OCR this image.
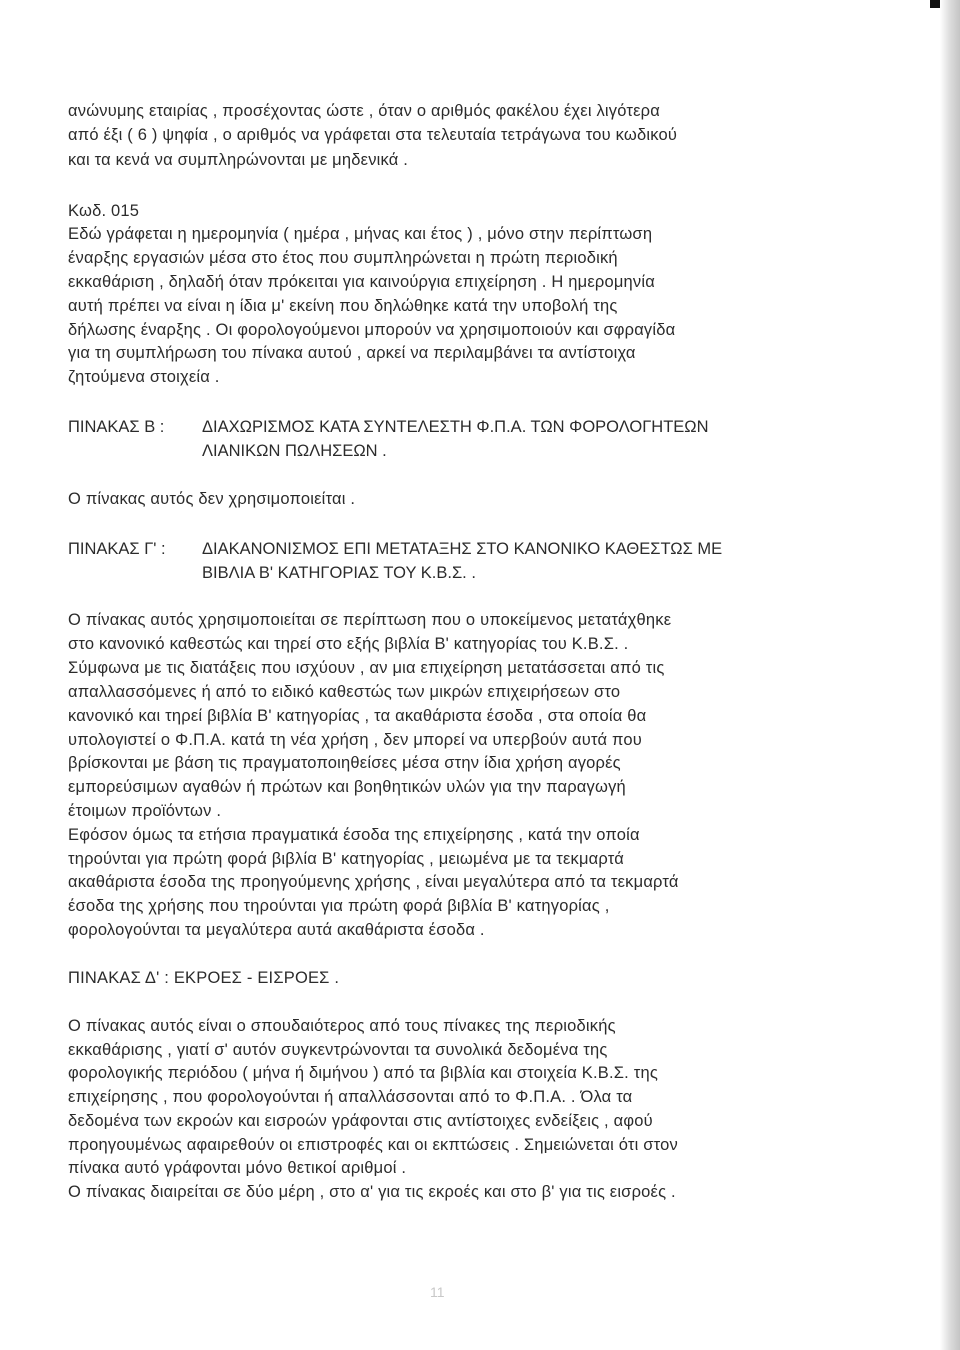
ανώνυμης εταιρίας , προσέχοντας ώστε , όταν ο αριθμός φακέλου έχει λιγότερα
από έξι ( 6 ) ψηφία , ο αριθμός να γράφεται στα τελευταία τετράγωνα του κωδικού
και τα κενά να συμπληρώνονται με μηδενικά .
Κωδ. 015
Εδώ γράφεται η ημερομηνία ( ημέρα , μήνας και έτος ) , μόνο στην περίπτωση
έναρξης εργασιών μέσα στο έτος που συμπληρώνεται η πρώτη περιοδική
εκκαθάριση , δηλαδή όταν πρόκειται για καινούργια επιχείρηση . Η ημερομηνία
αυτή πρέπει να είναι η ίδια μ' εκείνη που δηλώθηκε κατά την υποβολή της
δήλωσης έναρξης . Οι φορολογούμενοι μπορούν να χρησιμοποιούν και σφραγίδα
για τη συμπλήρωση του πίνακα αυτού , αρκεί να περιλαμβάνει τα αντίστοιχα
ζητούμενα στοιχεία .
ΠΙΝΑΚΑΣ Β : ΔΙΑΧΩΡΙΣΜΟΣ ΚΑΤΑ ΣΥΝΤΕΛΕΣΤΗ Φ.Π.Α. ΤΩΝ ΦΟΡΟΛΟΓΗΤΕΩΝ
ΛΙΑΝΙΚΩΝ ΠΩΛΗΣΕΩΝ .
Ο πίνακας αυτός δεν χρησιμοποιείται .
ΠΙΝΑΚΑΣ Γ' : ΔΙΑΚΑΝΟΝΙΣΜΟΣ ΕΠΙ ΜΕΤΑΤΑΞΗΣ ΣΤΟ ΚΑΝΟΝΙΚΟ ΚΑΘΕΣΤΩΣ ΜΕ
ΒΙΒΛΙΑ Β' ΚΑΤΗΓΟΡΙΑΣ ΤΟΥ Κ.Β.Σ. .
Ο πίνακας αυτός χρησιμοποιείται σε περίπτωση που ο υποκείμενος μετατάχθηκε
στο κανονικό καθεστώς και τηρεί στο εξής βιβλία Β' κατηγορίας του Κ.Β.Σ. .
Σύμφωνα με τις διατάξεις που ισχύουν , αν μια επιχείρηση μετατάσσεται από τις
απαλλασσόμενες ή από το ειδικό καθεστώς των μικρών επιχειρήσεων στο
κανονικό και τηρεί βιβλία Β' κατηγορίας , τα ακαθάριστα έσοδα , στα οποία θα
υπολογιστεί ο Φ.Π.Α. κατά τη νέα χρήση , δεν μπορεί να υπερβούν αυτά που
βρίσκονται με βάση τις πραγματοποιηθείσες μέσα στην ίδια χρήση αγορές
εμπορεύσιμων αγαθών ή πρώτων και βοηθητικών υλών για την παραγωγή
έτοιμων προϊόντων .
Εφόσον όμως τα ετήσια πραγματικά έσοδα της επιχείρησης , κατά την οποία
τηρούνται για πρώτη φορά βιβλία Β' κατηγορίας , μειωμένα με τα τεκμαρτά
ακαθάριστα έσοδα της προηγούμενης χρήσης , είναι μεγαλύτερα από τα τεκμαρτά
έσοδα της χρήσης που τηρούνται για πρώτη φορά βιβλία Β' κατηγορίας ,
φορολογούνται τα μεγαλύτερα αυτά ακαθάριστα έσοδα .
ΠΙΝΑΚΑΣ Δ' : ΕΚΡΟΕΣ - ΕΙΣΡΟΕΣ .
Ο πίνακας αυτός είναι ο σπουδαιότερος από τους πίνακες της περιοδικής
εκκαθάρισης , γιατί σ' αυτόν συγκεντρώνονται τα συνολικά δεδομένα της
φορολογικής περιόδου ( μήνα ή διμήνου ) από τα βιβλία και στοιχεία Κ.Β.Σ. της
επιχείρησης , που φορολογούνται ή απαλλάσσονται από το Φ.Π.Α. . Όλα τα
δεδομένα των εκροών και εισροών γράφονται στις αντίστοιχες ενδείξεις , αφού
προηγουμένως αφαιρεθούν οι επιστροφές και οι εκπτώσεις . Σημειώνεται ότι στον
πίνακα αυτό γράφονται μόνο θετικοί αριθμοί .
Ο πίνακας διαιρείται σε δύο μέρη , στο α' για τις εκροές και στο β' για τις εισροές .
11
